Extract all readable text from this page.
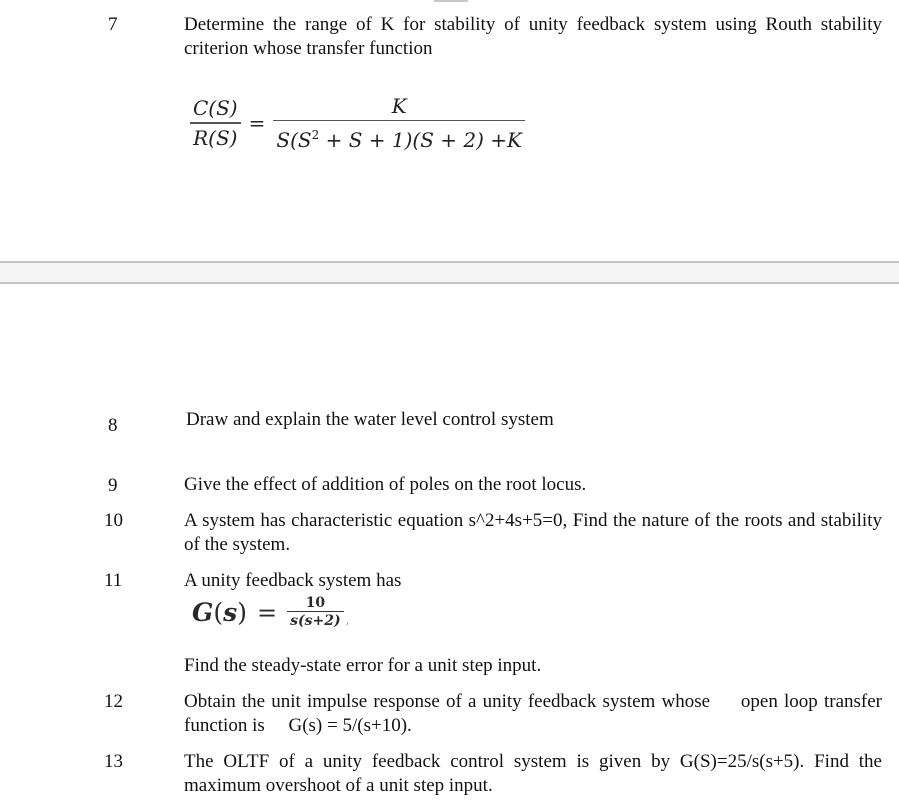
7	Determine the range of K for stability of unity feedback system using Routh stability criterion whose transfer function
$\frac{C(S)}{R(S)} = \frac{K}{S(S^2 + S + 1)(S + 2) +K}$
8	Draw and explain the water level control system
9	Give the effect of addition of poles on the root locus.
10	A system has characteristic equation s^2+4s+5=0, Find the nature of the roots and stability of the system.
11	A unity feedback system has
G ( s ) = $\frac{10}{s(s+2)}$ ,
Find the steady-state error for a unit step input.
12	Obtain the unit impulse response of a unity feedback system whose     open loop transfer function is     G(s) = 5/(s+10).
13	The OLTF of a unity feedback control system is given by G(S)=25/s(s+5). Find the maximum overshoot of a unit step input.
